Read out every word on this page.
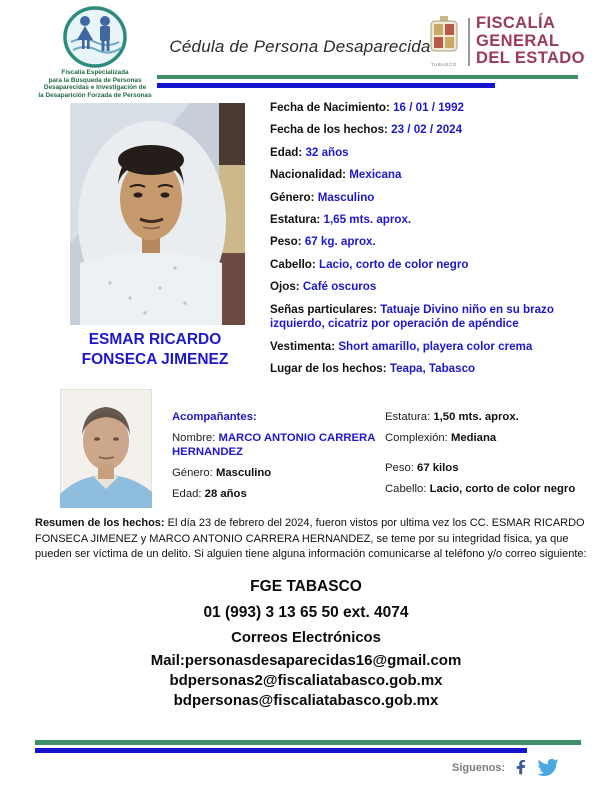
Fiscalía Especializada
para la Búsqueda de Personas
Desaparecidas e Investigación de
la Desaparición Forzada de Personas
Cédula de Persona Desaparecida
TABASCO
FISCALÍA
GENERAL
DEL ESTADO
ESMAR RICARDO
FONSECA JIMENEZ
Fecha de Nacimiento: 16 / 01 / 1992
Fecha de los hechos: 23 / 02 / 2024
Edad: 32 años
Nacionalidad: Mexicana
Género: Masculino
Estatura: 1,65 mts. aprox.
Peso: 67 kg. aprox.
Cabello: Lacio, corto de color negro
Ojos: Café oscuros
Señas particulares: Tatuaje Divino niño en su brazo izquierdo, cicatriz por operación de apéndice
Vestimenta: Short amarillo, playera color crema
Lugar de los hechos: Teapa, Tabasco
Acompañantes:
Nombre: MARCO ANTONIO CARRERA HERNANDEZ
Género: Masculino
Edad: 28 años
Estatura: 1,50 mts. aprox.
Complexión: Mediana
Peso: 67 kilos
Cabello: Lacio, corto de color negro
Resumen de los hechos: El día 23 de febrero del 2024, fueron vistos por ultima vez los CC. ESMAR RICARDO FONSECA JIMENEZ y MARCO ANTONIO CARRERA HERNANDEZ, se teme por su integridad física, ya que pueden ser víctima de un delito. Si alguien tiene alguna información comunicarse al teléfono y/o correo siguiente:
FGE TABASCO
01 (993) 3 13 65 50 ext. 4074
Correos Electrónicos
Mail:personasdesaparecidas16@gmail.com
bdpersonas2@fiscaliatabasco.gob.mx
bdpersonas@fiscaliatabasco.gob.mx
Siguenos:
